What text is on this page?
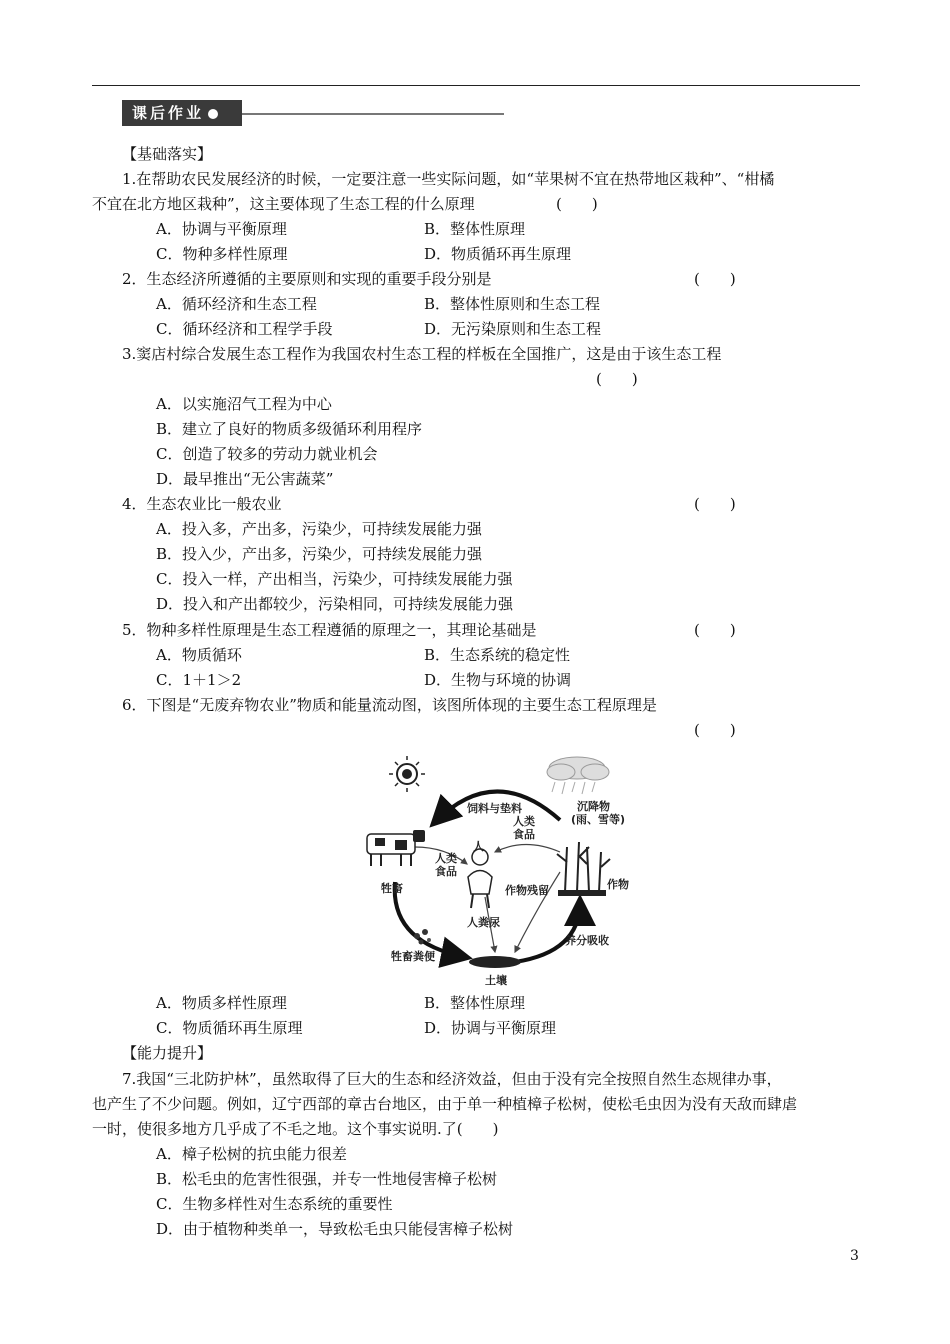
课后作业
【基础落实】
1.在帮助农民发展经济的时候，一定要注意一些实际问题，如“苹果树不宜在热带地区栽种”、“柑橘
不宜在北方地区栽种”，这主要体现了生态工程的什么原理	(　　)
A．协调与平衡原理	B．整体性原理
C．物种多样性原理	D．物质循环再生原理
2．生态经济所遵循的主要原则和实现的重要手段分别是	(　　)
A．循环经济和生态工程	B．整体性原则和生态工程
C．循环经济和工程学手段	D．无污染原则和生态工程
3.窦店村综合发展生态工程作为我国农村生态工程的样板在全国推广，这是由于该生态工程
(　　)
A．以实施沼气工程为中心
B．建立了良好的物质多级循环利用程序
C．创造了较多的劳动力就业机会
D．最早推出“无公害蔬菜”
4．生态农业比一般农业	(　　)
A．投入多，产出多，污染少，可持续发展能力强
B．投入少，产出多，污染少，可持续发展能力强
C．投入一样，产出相当，污染少，可持续发展能力强
D．投入和产出都较少，污染相同，可持续发展能力强
5．物种多样性原理是生态工程遵循的原理之一，其理论基础是	(　　)
A．物质循环	B．生态系统的稳定性
C．1＋1＞2	D．生物与环境的协调
6．下图是“无废弃物农业”物质和能量流动图，该图所体现的主要生态工程原理是
(　　)
饲料与垫料	沉降物
(雨、雪等)
人类
食品
人
人类
食品
牲畜	作物残留	作物
人粪尿
养分吸收
牲畜粪便
土壤
A．物质多样性原理	B．整体性原理
C．物质循环再生原理	D．协调与平衡原理
【能力提升】
7.我国“三北防护林”，虽然取得了巨大的生态和经济效益，但由于没有完全按照自然生态规律办事，
也产生了不少问题。例如，辽宁西部的章古台地区，由于单一种植樟子松树，使松毛虫因为没有天敌而肆虐
一时，使很多地方几乎成了不毛之地。这个事实说明.了(　　)
A．樟子松树的抗虫能力很差
B．松毛虫的危害性很强，并专一性地侵害樟子松树
C．生物多样性对生态系统的重要性
D．由于植物种类单一，导致松毛虫只能侵害樟子松树
3
